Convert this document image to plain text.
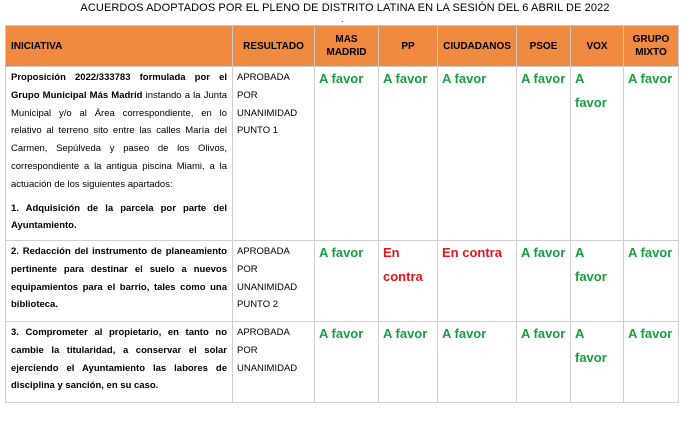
ACUERDOS ADOPTADOS POR EL PLENO DE DISTRITO LATINA EN LA SESIÓN DEL 6 ABRIL DE 2022
.
INICIATIVA	RESULTADO	MAS
MADRID	PP	CIUDADANOS	PSOE	VOX	GRUPO
MIXTO

Proposición 2022/333783 formulada por el Grupo Municipal Más Madrid instando a la Junta Municipal y/o al Área correspondiente, en lo relativo al terreno sito entre las calles María del Carmen, Sepúlveda y paseo de los Olivos, correspondiente a la antigua piscina Miami, a la actuación de los siguientes apartados:

1. Adquisición de la parcela por parte del Ayuntamiento.	APROBADA POR UNANIMIDAD PUNTO 1	A favor	A favor	A favor	A favor	A favor	A favor
2. Redacción del instrumento de planeamiento pertinente para destinar el suelo a nuevos equipamientos para el barrio, tales como una biblioteca.	APROBADA POR UNANIMIDAD PUNTO 2	A favor	En contra	En contra	A favor	A favor	A favor
3. Comprometer al propietario, en tanto no cambie la titularidad, a conservar el solar ejerciendo el Ayuntamiento las labores de disciplina y sanción, en su caso.	APROBADA POR UNANIMIDAD	A favor	A favor	A favor	A favor	A favor	A favor
